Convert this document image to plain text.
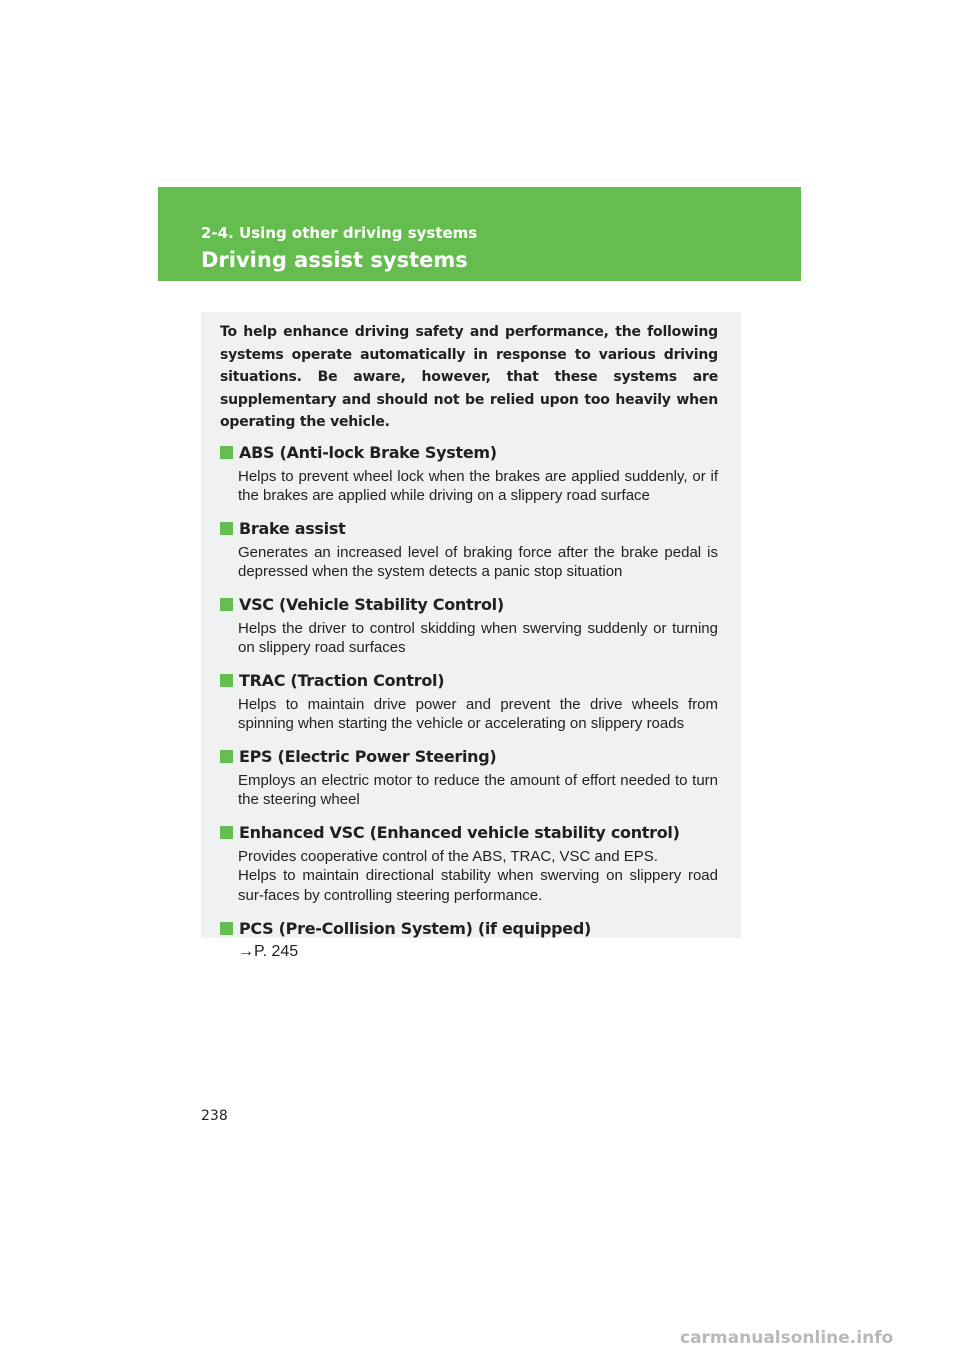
2-4. Using other driving systems
Driving assist systems

To help enhance driving safety and performance, the following systems operate automatically in response to various driving situations. Be aware, however, that these systems are supplementary and should not be relied upon too heavily when operating the vehicle.

ABS (Anti-lock Brake System)

Helps to prevent wheel lock when the brakes are applied suddenly, or if the brakes are applied while driving on a slippery road surface

Brake assist

Generates an increased level of braking force after the brake pedal is depressed when the system detects a panic stop situation

VSC (Vehicle Stability Control)

Helps the driver to control skidding when swerving suddenly or turning on slippery road surfaces

TRAC (Traction Control)

Helps to maintain drive power and prevent the drive wheels from spinning when starting the vehicle or accelerating on slippery roads

EPS (Electric Power Steering)

Employs an electric motor to reduce the amount of effort needed to turn the steering wheel

Enhanced VSC (Enhanced vehicle stability control)

Provides cooperative control of the ABS, TRAC, VSC and EPS.
Helps to maintain directional stability when swerving on slippery road sur-faces by controlling steering performance.

PCS (Pre-Collision System) (if equipped)

→P. 245

238
carmanualsonline.info
